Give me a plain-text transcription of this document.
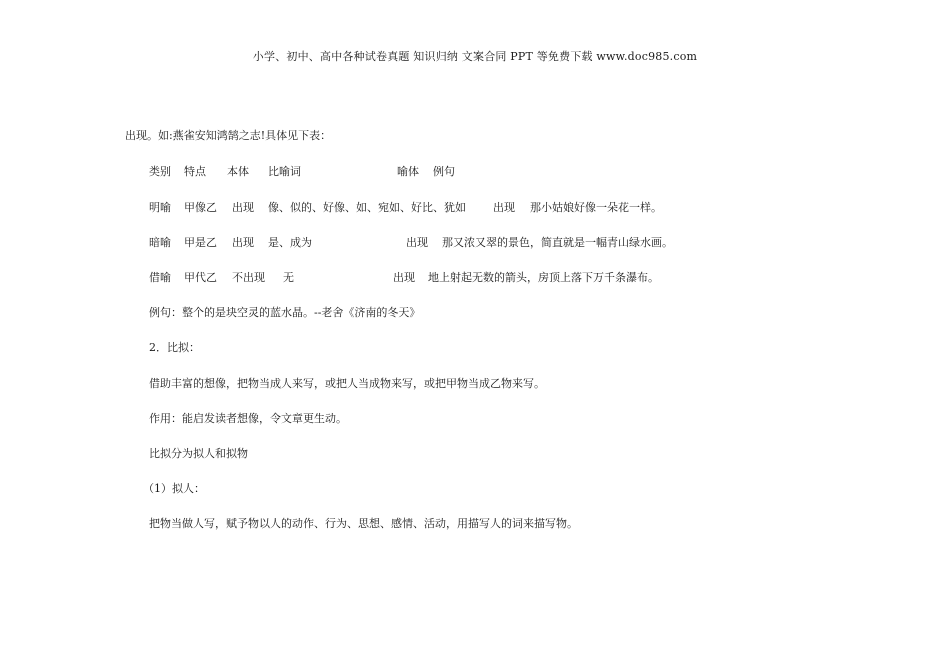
小学、初中、高中各种试卷真题 知识归纳 文案合同 PPT 等免费下载 www.doc985.com
出现。如:燕雀安知鸿鹄之志!具体见下表：
类别 特点 本体 比喻词	喻体 例句
明喻 甲像乙 出现 像、似的、好像、如、宛如、好比、犹如 出现 那小姑娘好像一朵花一样。
暗喻 甲是乙 出现 是、成为	出现 那又浓又翠的景色，简直就是一幅青山绿水画。
借喻 甲代乙 不出现 无	出现 地上射起无数的箭头，房顶上落下万千条瀑布。
例句：整个的是块空灵的蓝水晶。--老舍《济南的冬天》
2．比拟：
借助丰富的想像，把物当成人来写，或把人当成物来写，或把甲物当成乙物来写。
作用：能启发读者想像，令文章更生动。
比拟分为拟人和拟物
（1）拟人：
把物当做人写，赋予物以人的动作、行为、思想、感情、活动，用描写人的词来描写物。
